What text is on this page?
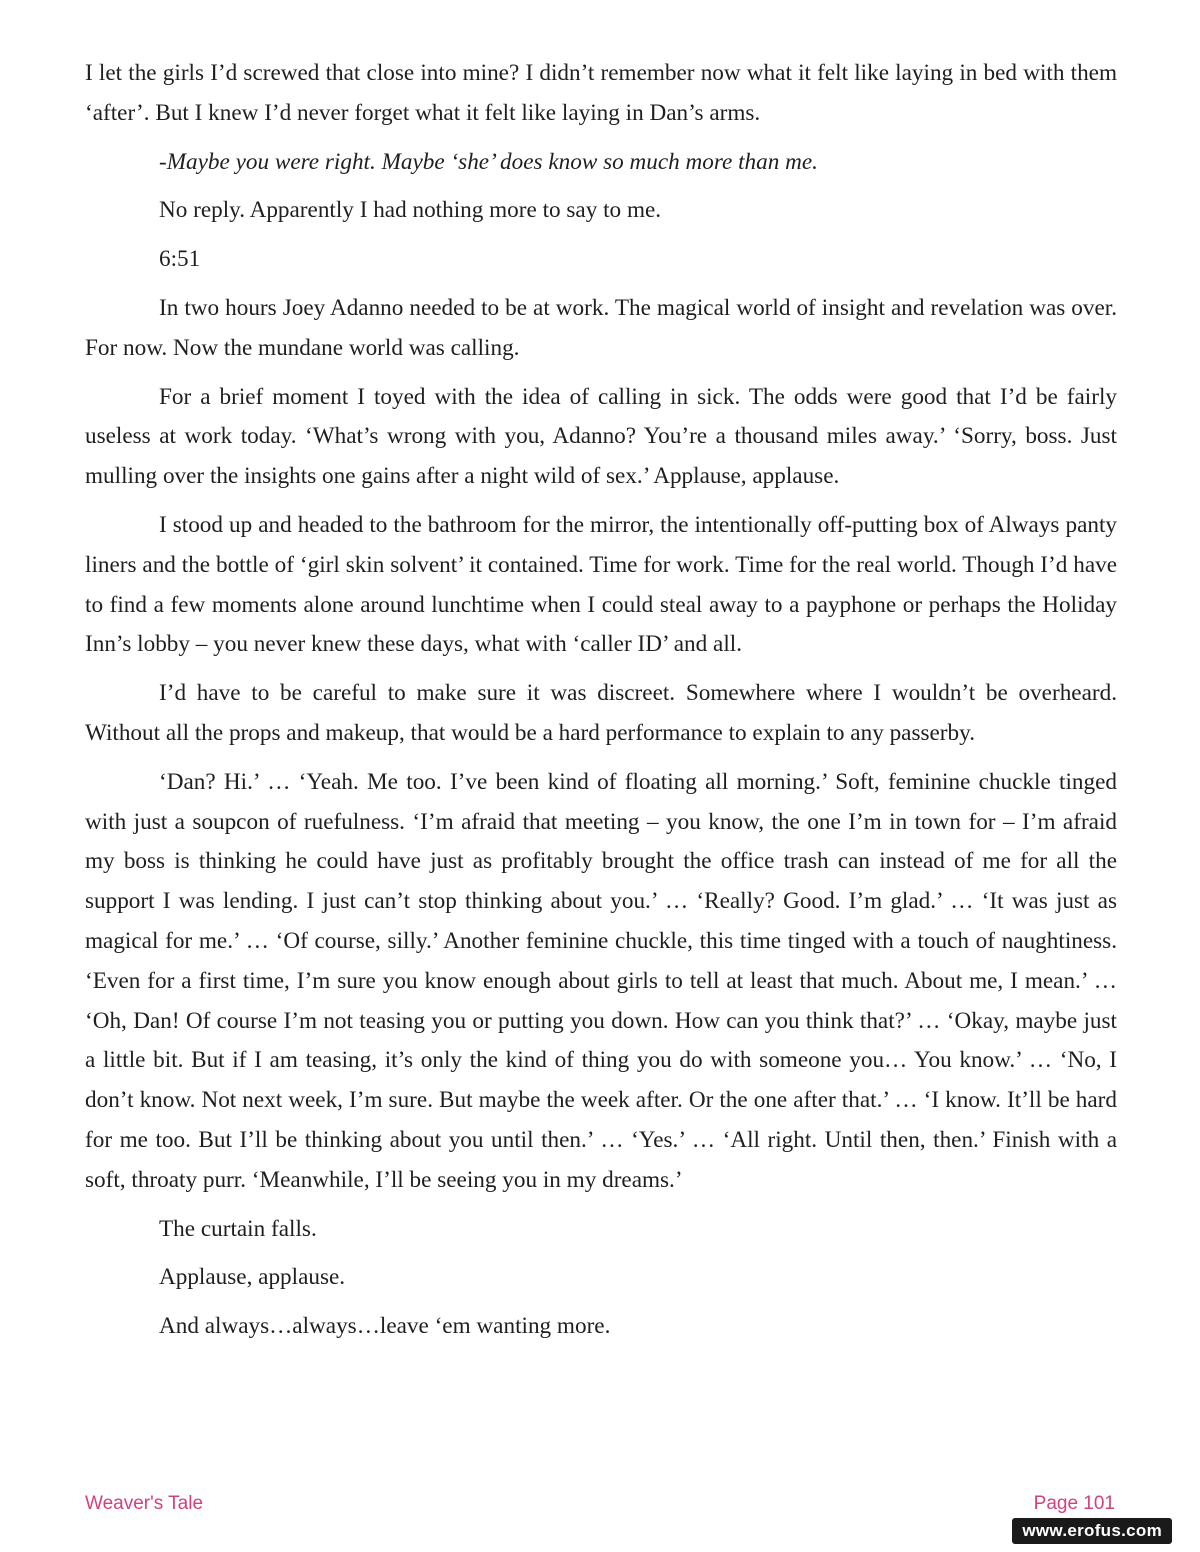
I let the girls I’d screwed that close into mine? I didn’t remember now what it felt like laying in bed with them ‘after’. But I knew I’d never forget what it felt like laying in Dan’s arms.

-Maybe you were right. Maybe ‘she’ does know so much more than me.

No reply. Apparently I had nothing more to say to me.

6:51

In two hours Joey Adanno needed to be at work. The magical world of insight and revelation was over. For now. Now the mundane world was calling.

For a brief moment I toyed with the idea of calling in sick. The odds were good that I’d be fairly useless at work today. ‘What’s wrong with you, Adanno? You’re a thousand miles away.’ ‘Sorry, boss. Just mulling over the insights one gains after a night wild of sex.’ Applause, applause.

I stood up and headed to the bathroom for the mirror, the intentionally off-putting box of Always panty liners and the bottle of ‘girl skin solvent’ it contained. Time for work. Time for the real world. Though I’d have to find a few moments alone around lunchtime when I could steal away to a payphone or perhaps the Holiday Inn’s lobby – you never knew these days, what with ‘caller ID’ and all.

I’d have to be careful to make sure it was discreet. Somewhere where I wouldn’t be overheard. Without all the props and makeup, that would be a hard performance to explain to any passerby.

‘Dan? Hi.’ … ‘Yeah. Me too. I’ve been kind of floating all morning.’ Soft, feminine chuckle tinged with just a soupcon of ruefulness. ‘I’m afraid that meeting – you know, the one I’m in town for – I’m afraid my boss is thinking he could have just as profitably brought the office trash can instead of me for all the support I was lending. I just can’t stop thinking about you.’ … ‘Really? Good. I’m glad.’ … ‘It was just as magical for me.’ … ‘Of course, silly.’ Another feminine chuckle, this time tinged with a touch of naughtiness. ‘Even for a first time, I’m sure you know enough about girls to tell at least that much. About me, I mean.’ … ‘Oh, Dan! Of course I’m not teasing you or putting you down. How can you think that?’ … ‘Okay, maybe just a little bit. But if I am teasing, it’s only the kind of thing you do with someone you… You know.’ … ‘No, I don’t know. Not next week, I’m sure. But maybe the week after. Or the one after that.’ … ‘I know. It’ll be hard for me too. But I’ll be thinking about you until then.’ … ‘Yes.’ … ‘All right. Until then, then.’ Finish with a soft, throaty purr. ‘Meanwhile, I’ll be seeing you in my dreams.’

The curtain falls.

Applause, applause.

And always…always…leave ‘em wanting more.

Weaver's Tale	Page 101
www.erofus.com
